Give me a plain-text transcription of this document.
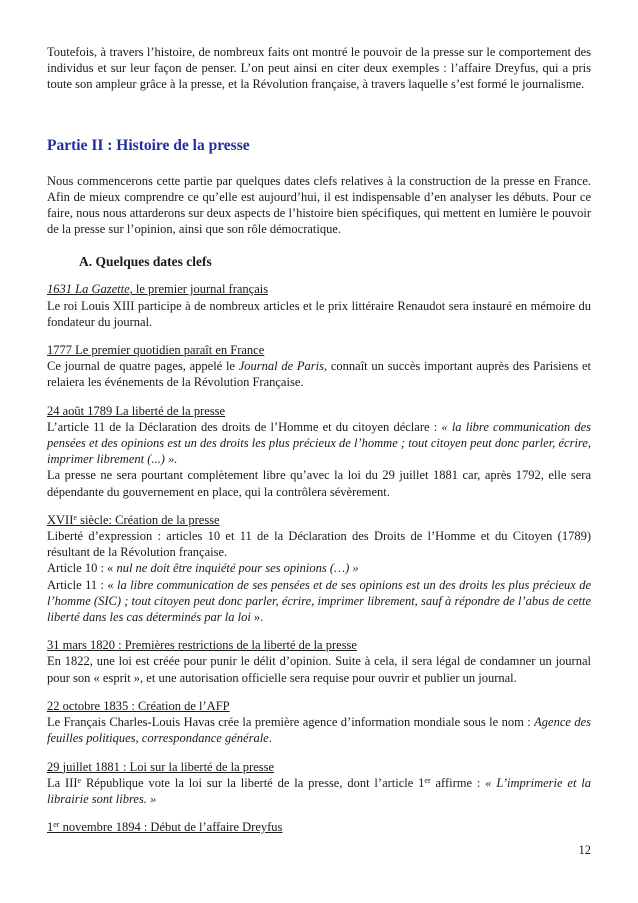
Toutefois, à travers l’histoire, de nombreux faits ont montré le pouvoir de la presse sur le comportement des individus et sur leur façon de penser. L’on peut ainsi en citer deux exemples : l’affaire Dreyfus, qui a pris toute son ampleur grâce à la presse, et la Révolution française, à travers laquelle s’est formé le journalisme.

Partie II : Histoire de la presse

Nous commencerons cette partie par quelques dates clefs relatives à la construction de la presse en France. Afin de mieux comprendre ce qu’elle est aujourd’hui, il est indispensable d’en analyser les débuts. Pour ce faire, nous nous attarderons sur deux aspects de l’histoire bien spécifiques, qui mettent en lumière le pouvoir de la presse sur l’opinion, ainsi que son rôle démocratique.

A. Quelques dates clefs
1631 La Gazette, le premier journal français

Le roi Louis XIII participe à de nombreux articles et le prix littéraire Renaudot sera instauré en mémoire du fondateur du journal.

1777 Le premier quotidien paraît en France

Ce journal de quatre pages, appelé le Journal de Paris, connaît un succès important auprès des Parisiens et relaiera les événements de la Révolution Française.

24 août 1789 La liberté de la presse

L’article 11 de la Déclaration des droits de l’Homme et du citoyen déclare : « la libre communication des pensées et des opinions est un des droits les plus précieux de l’homme ; tout citoyen peut donc parler, écrire, imprimer librement (...) ».

La presse ne sera pourtant complètement libre qu’avec la loi du 29 juillet 1881 car, après 1792, elle sera dépendante du gouvernement en place, qui la contrôlera sévèrement.

XVIIe siècle: Création de la presse

Liberté d’expression : articles 10 et 11 de la Déclaration des Droits de l’Homme et du Citoyen (1789) résultant de la Révolution française.

Article 10 : « nul ne doit être inquiété pour ses opinions (…) »

Article 11 : « la libre communication de ses pensées et de ses opinions est un des droits les plus précieux de l’homme (SIC) ; tout citoyen peut donc parler, écrire, imprimer librement, sauf à répondre de l’abus de cette liberté dans les cas déterminés par la loi ».

31 mars 1820 : Premières restrictions de la liberté de la presse

En 1822, une loi est créée pour punir le délit d’opinion. Suite à cela, il sera légal de condamner un journal pour son « esprit », et une autorisation officielle sera requise pour ouvrir et publier un journal.

22 octobre 1835 : Création de l’AFP

Le Français Charles-Louis Havas crée la première agence d’information mondiale sous le nom : Agence des feuilles politiques, correspondance générale.

29 juillet 1881 : Loi sur la liberté de la presse

La IIIe République vote la loi sur la liberté de la presse, dont l’article 1er affirme : « L’imprimerie et la librairie sont libres. »

1er novembre 1894 : Début de l’affaire Dreyfus
12
